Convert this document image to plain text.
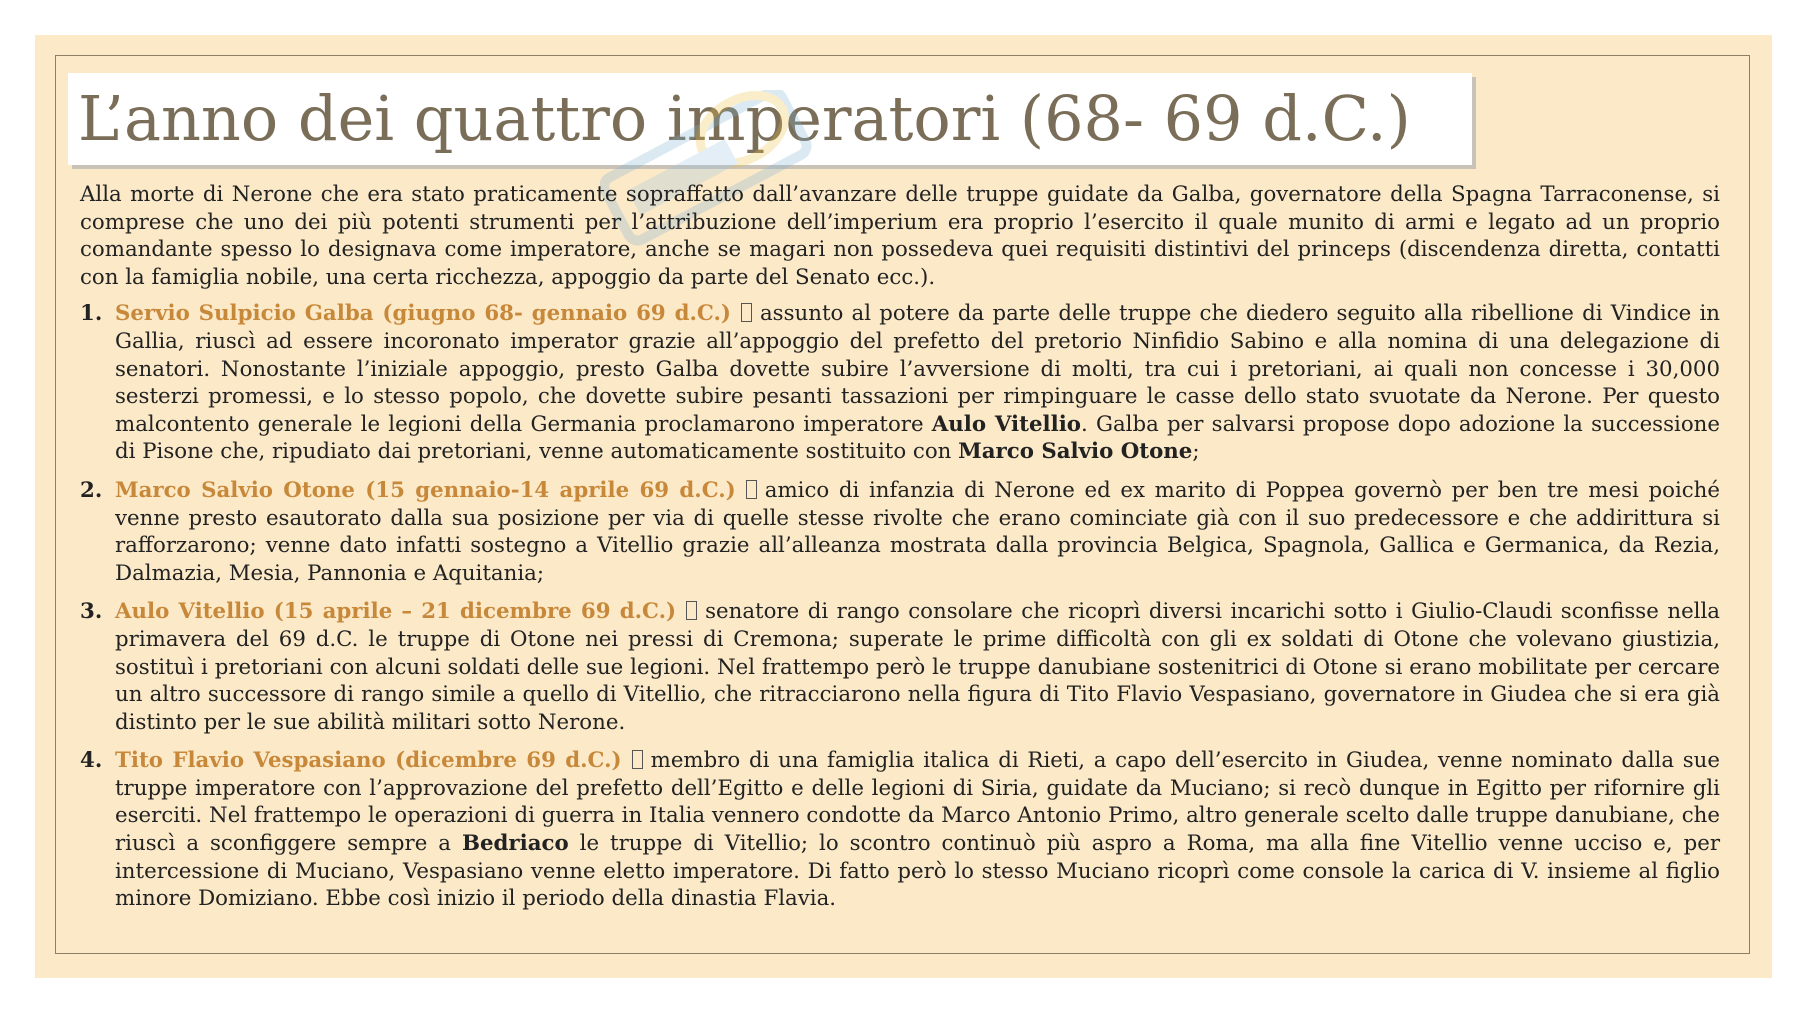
L’anno dei quattro imperatori (68- 69 d.C.)

Alla morte di Nerone che era stato praticamente sopraffatto dall’avanzare delle truppe guidate da Galba, governatore della Spagna Tarraconense, si comprese che uno dei più potenti strumenti per l’attribuzione dell’imperium era proprio l’esercito il quale munito di armi e legato ad un proprio comandante spesso lo designava come imperatore, anche se magari non possedeva quei requisiti distintivi del princeps (discendenza diretta, contatti con la famiglia nobile, una certa ricchezza, appoggio da parte del Senato ecc.).

1. Servio Sulpicio Galba (giugno 68- gennaio 69 d.C.) assunto al potere da parte delle truppe che diedero seguito alla ribellione di Vindice in Gallia, riuscì ad essere incoronato imperator grazie all’appoggio del prefetto del pretorio Ninfidio Sabino e alla nomina di una delegazione di senatori. Nonostante l’iniziale appoggio, presto Galba dovette subire l’avversione di molti, tra cui i pretoriani, ai quali non concesse i 30,000 sesterzi promessi, e lo stesso popolo, che dovette subire pesanti tassazioni per rimpinguare le casse dello stato svuotate da Nerone. Per questo malcontento generale le legioni della Germania proclamarono imperatore Aulo Vitellio. Galba per salvarsi propose dopo adozione la successione di Pisone che, ripudiato dai pretoriani, venne automaticamente sostituito con Marco Salvio Otone;
2. Marco Salvio Otone (15 gennaio-14 aprile 69 d.C.) amico di infanzia di Nerone ed ex marito di Poppea governò per ben tre mesi poiché venne presto esautorato dalla sua posizione per via di quelle stesse rivolte che erano cominciate già con il suo predecessore e che addirittura si rafforzarono; venne dato infatti sostegno a Vitellio grazie all’alleanza mostrata dalla provincia Belgica, Spagnola, Gallica e Germanica, da Rezia, Dalmazia, Mesia, Pannonia e Aquitania;
3. Aulo Vitellio (15 aprile – 21 dicembre 69 d.C.) senatore di rango consolare che ricoprì diversi incarichi sotto i Giulio-Claudi sconfisse nella primavera del 69 d.C. le truppe di Otone nei pressi di Cremona; superate le prime difficoltà con gli ex soldati di Otone che volevano giustizia, sostituì i pretoriani con alcuni soldati delle sue legioni. Nel frattempo però le truppe danubiane sostenitrici di Otone si erano mobilitate per cercare un altro successore di rango simile a quello di Vitellio, che ritracciarono nella figura di Tito Flavio Vespasiano, governatore in Giudea che si era già distinto per le sue abilità militari sotto Nerone.
4. Tito Flavio Vespasiano (dicembre 69 d.C.) membro di una famiglia italica di Rieti, a capo dell’esercito in Giudea, venne nominato dalla sue truppe imperatore con l’approvazione del prefetto dell’Egitto e delle legioni di Siria, guidate da Muciano; si recò dunque in Egitto per rifornire gli eserciti. Nel frattempo le operazioni di guerra in Italia vennero condotte da Marco Antonio Primo, altro generale scelto dalle truppe danubiane, che riuscì a sconfiggere sempre a Bedriaco le truppe di Vitellio; lo scontro continuò più aspro a Roma, ma alla fine Vitellio venne ucciso e, per intercessione di Muciano, Vespasiano venne eletto imperatore. Di fatto però lo stesso Muciano ricoprì come console la carica di V. insieme al figlio minore Domiziano. Ebbe così inizio il periodo della dinastia Flavia.
